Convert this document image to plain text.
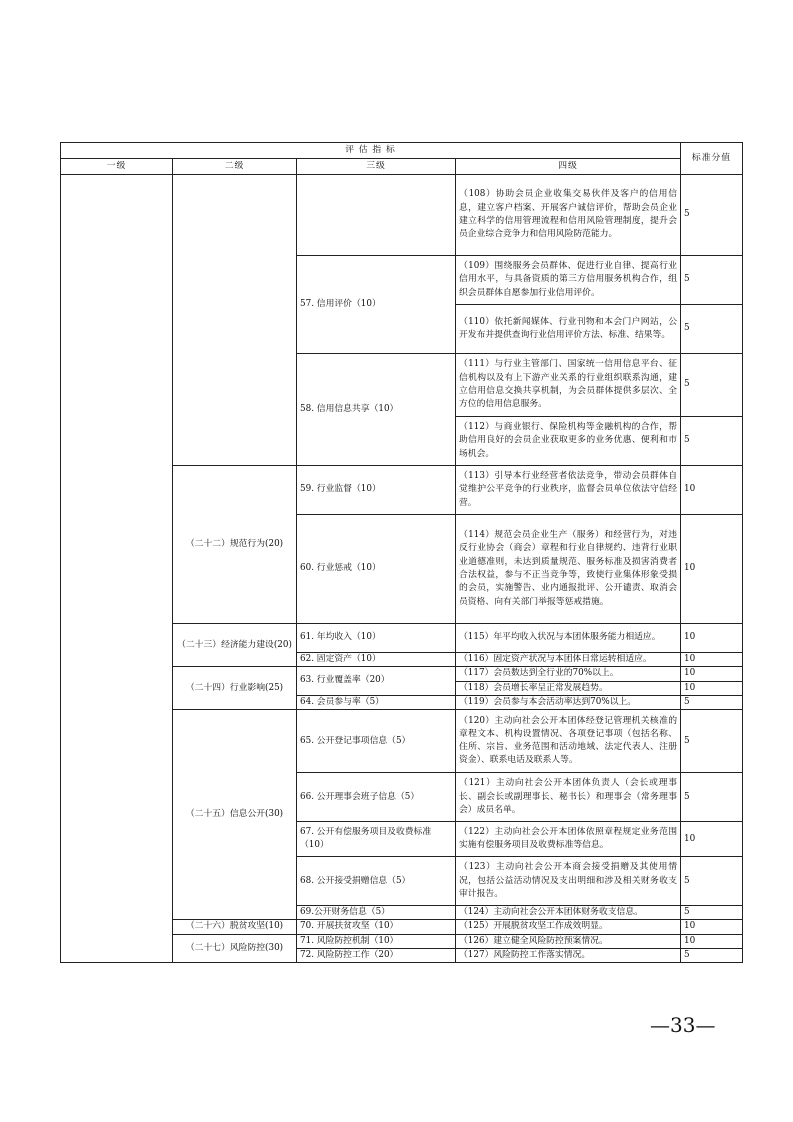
评 估 指 标				标准分值
一级	二级	三级	四级	
			（108）协助会员企业收集交易伙伴及客户的信用信息，建立客户档案、开展客户诚信评价，帮助会员企业建立科学的信用管理流程和信用风险管理制度，提升会员企业综合竞争力和信用风险防范能力。	5
		57. 信用评价（10）	（109）围绕服务会员群体、促进行业自律、提高行业信用水平，与具备资质的第三方信用服务机构合作，组织会员群体自愿参加行业信用评价。	5
			（110）依托新闻媒体、行业刊物和本会门户网站，公开发布并提供查询行业信用评价方法、标准、结果等。	5
		58. 信用信息共享（10）	（111）与行业主管部门、国家统一信用信息平台、征信机构以及有上下游产业关系的行业组织联系沟通，建立信用信息交换共享机制，为会员群体提供多层次、全方位的信用信息服务。	5
			（112）与商业银行、保险机构等金融机构的合作，帮助信用良好的会员企业获取更多的业务优惠、便利和市场机会。	5
	（二十二）规范行为(20)	59. 行业监督（10）	（113）引导本行业经营者依法竞争，带动会员群体自觉维护公平竞争的行业秩序，监督会员单位依法守信经营。	10
		60. 行业惩戒（10）	（114）规范会员企业生产（服务）和经营行为，对违反行业协会（商会）章程和行业自律规约、违背行业职业道德准则，未达到质量规范、服务标准及损害消费者合法权益，参与不正当竞争等，致使行业集体形象受损的会员，实施警告、业内通报批评、公开谴责、取消会员资格、向有关部门举报等惩戒措施。	10
	（二十三）经济能力建设(20)	61. 年均收入（10）	（115）年平均收入状况与本团体服务能力相适应。	10
		62. 固定资产（10）	（116）固定资产状况与本团体日常运转相适应。	10
	（二十四）行业影响(25)	63. 行业覆盖率（20）	（117）会员数达到全行业的70%以上。	10
			（118）会员增长率呈正常发展趋势。	10
		64. 会员参与率（5）	（119）会员参与本会活动率达到70%以上。	5
	（二十五）信息公开(30)	65. 公开登记事项信息（5）	（120）主动向社会公开本团体经登记管理机关核准的章程文本、机构设置情况、各项登记事项（包括名称、住所、宗旨、业务范围和活动地域、法定代表人、注册资金）、联系电话及联系人等。	5
		66. 公开理事会班子信息（5）	（121）主动向社会公开本团体负责人（会长或理事长、副会长或副理事长、秘书长）和理事会（常务理事会）成员名单。	5
		67. 公开有偿服务项目及收费标准（10）	（122）主动向社会公开本团体依照章程规定业务范围实施有偿服务项目及收费标准等信息。	10
		68. 公开接受捐赠信息（5）	（123）主动向社会公开本商会接受捐赠及其使用情况，包括公益活动情况及支出明细和涉及相关财务收支审计报告。	5
		69.公开财务信息（5）	（124）主动向社会公开本团体财务收支信息。	5
	（二十六）脱贫攻坚(10)	70. 开展扶贫攻坚（10）	（125）开展脱贫攻坚工作成效明显。	10
	（二十七）风险防控(30)	71. 风险防控机制（10）	（126）建立健全风险防控预案情况。	10
		72. 风险防控工作（20）	（127）风险防控工作落实情况。	5
—33—
